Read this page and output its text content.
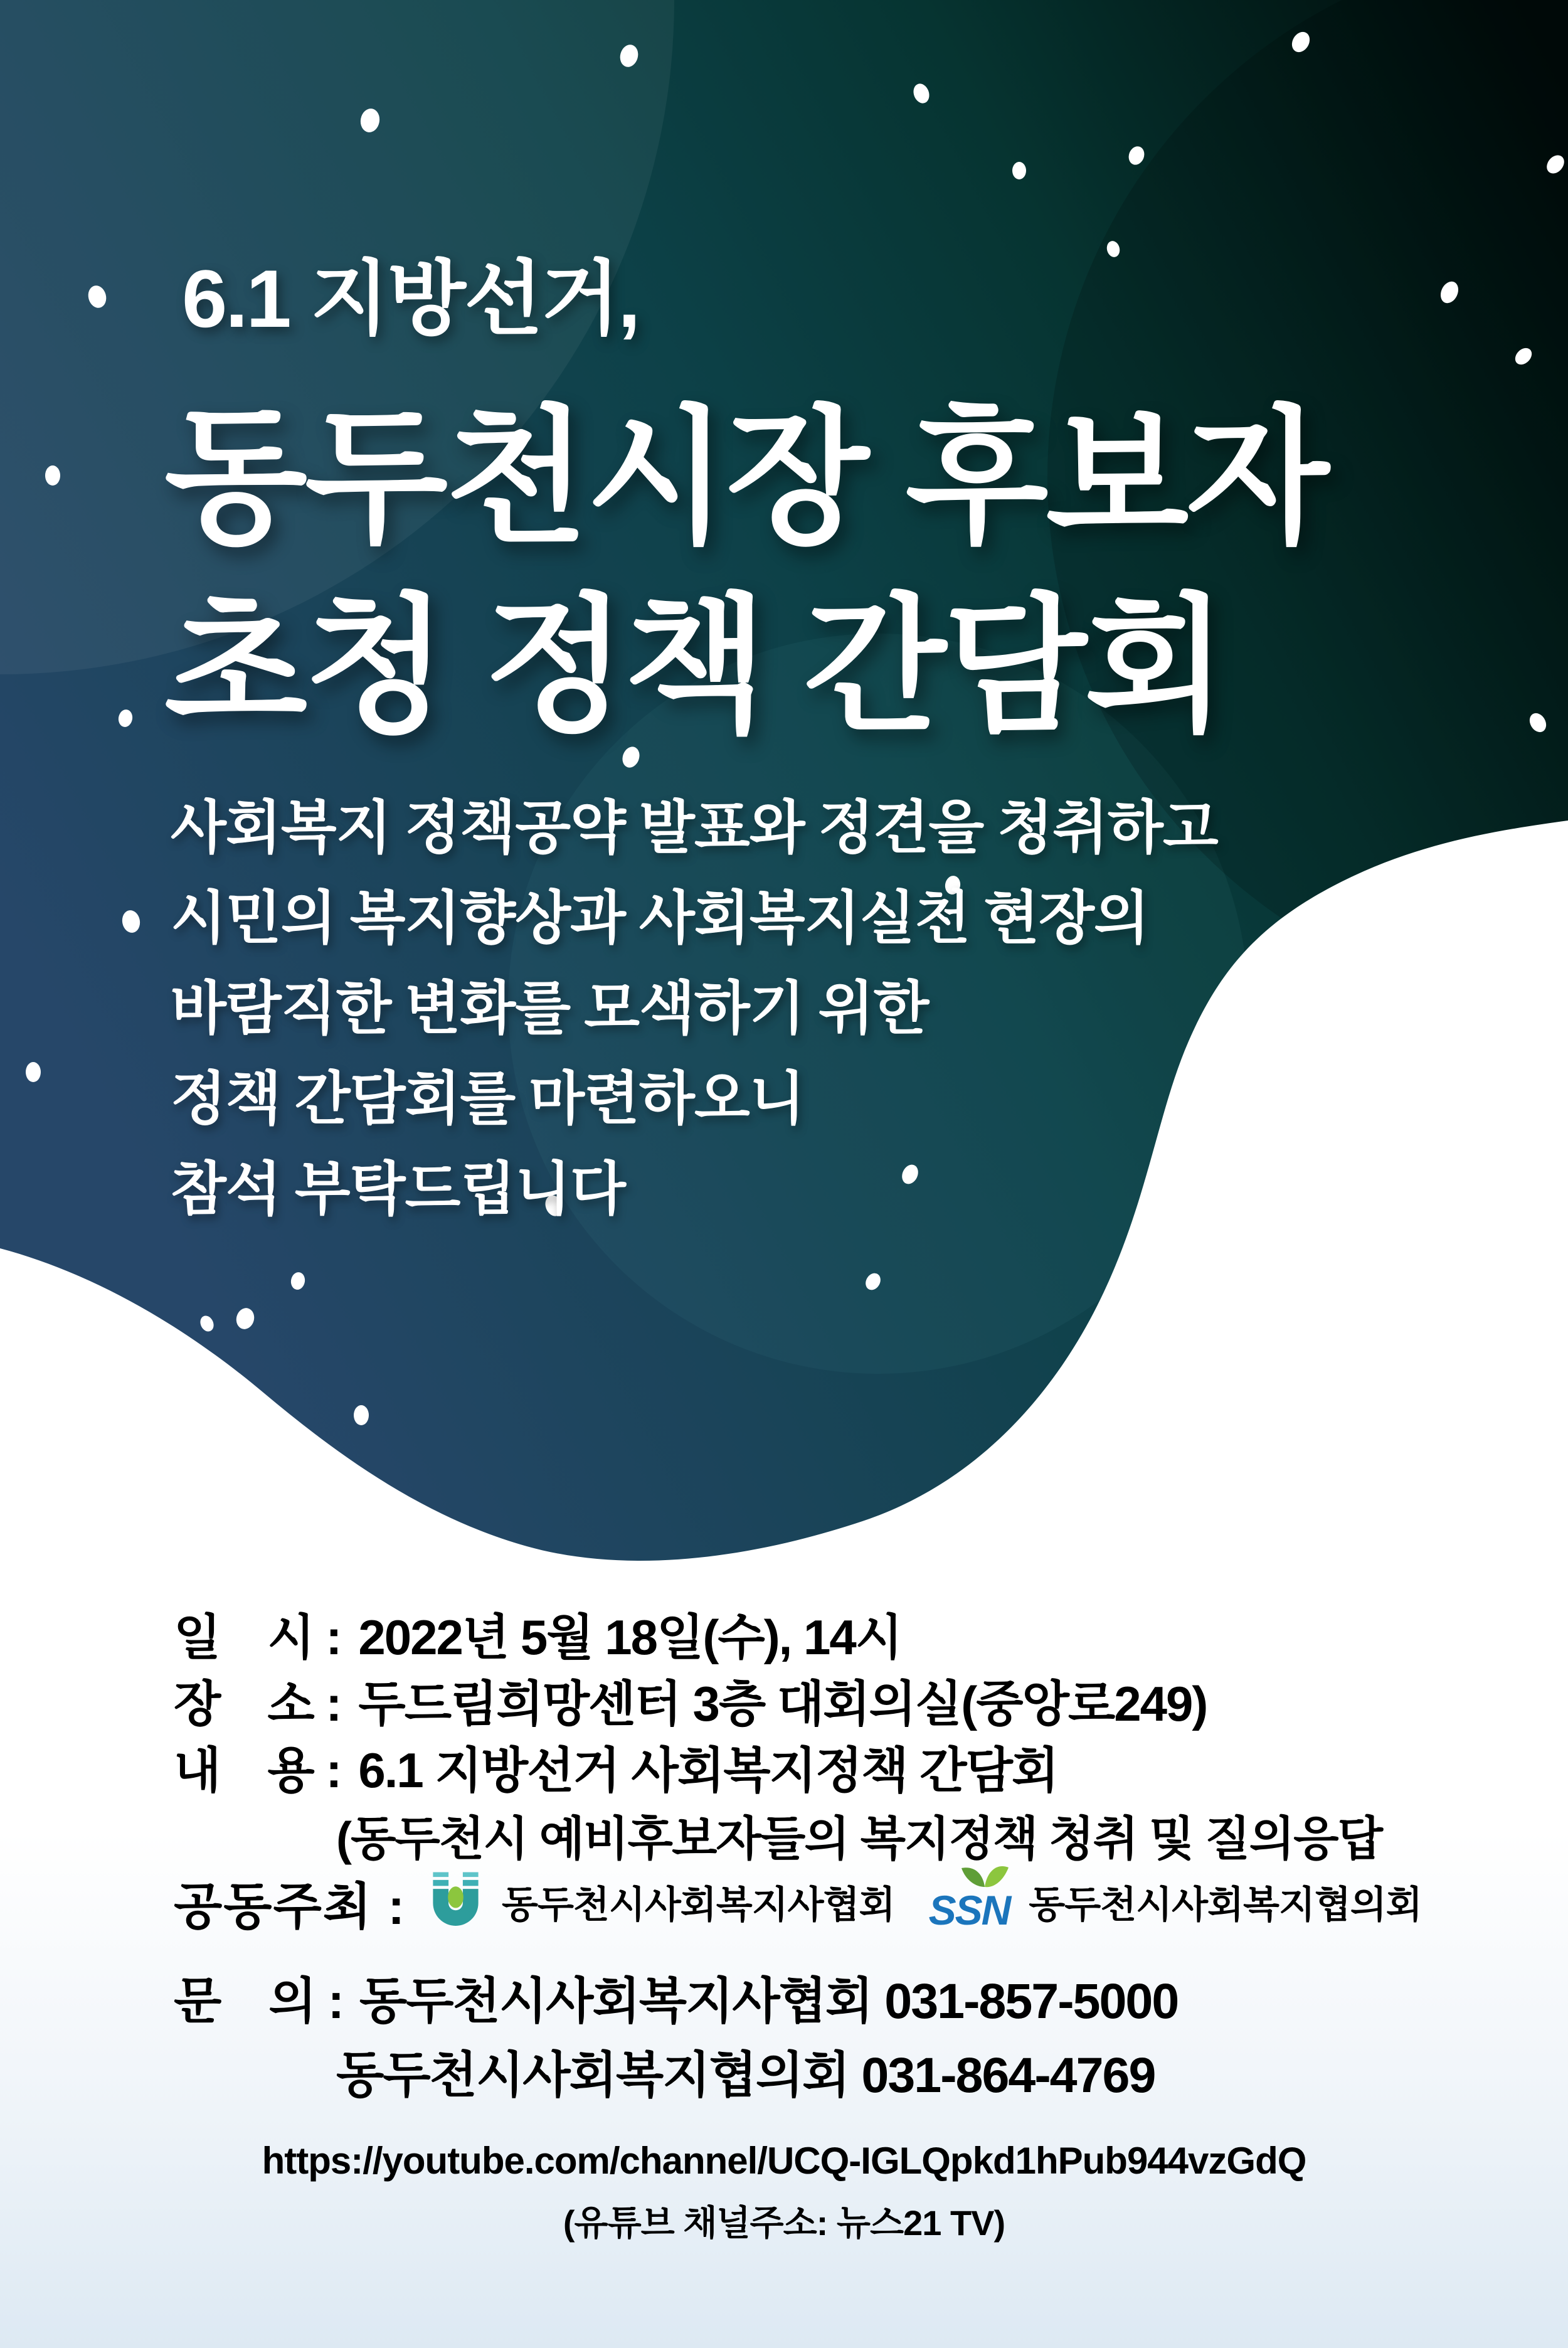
6.1 지방선거,
동두천시장 후보자
초청 정책 간담회
사회복지 정책공약 발표와 정견을 청취하고
시민의 복지향상과 사회복지실천 현장의
바람직한 변화를 모색하기 위한
정책 간담회를 마련하오니
참석 부탁드립니다
일　시 : 2022년 5월 18일(수), 14시
장　소 : 두드림희망센터 3층 대회의실(중앙로249)
내　용 : 6.1 지방선거 사회복지정책 간담회
(동두천시 예비후보자들의 복지정책 청취 및 질의응답
공동주최 :	동두천시사회복지사협회 SSN 동두천시사회복지협의회
문　의 : 동두천시사회복지사협회 031-857-5000
동두천시사회복지협의회 031-864-4769
https://youtube.com/channel/UCQ-IGLQpkd1hPub944vzGdQ
(유튜브 채널주소: 뉴스21 TV)
